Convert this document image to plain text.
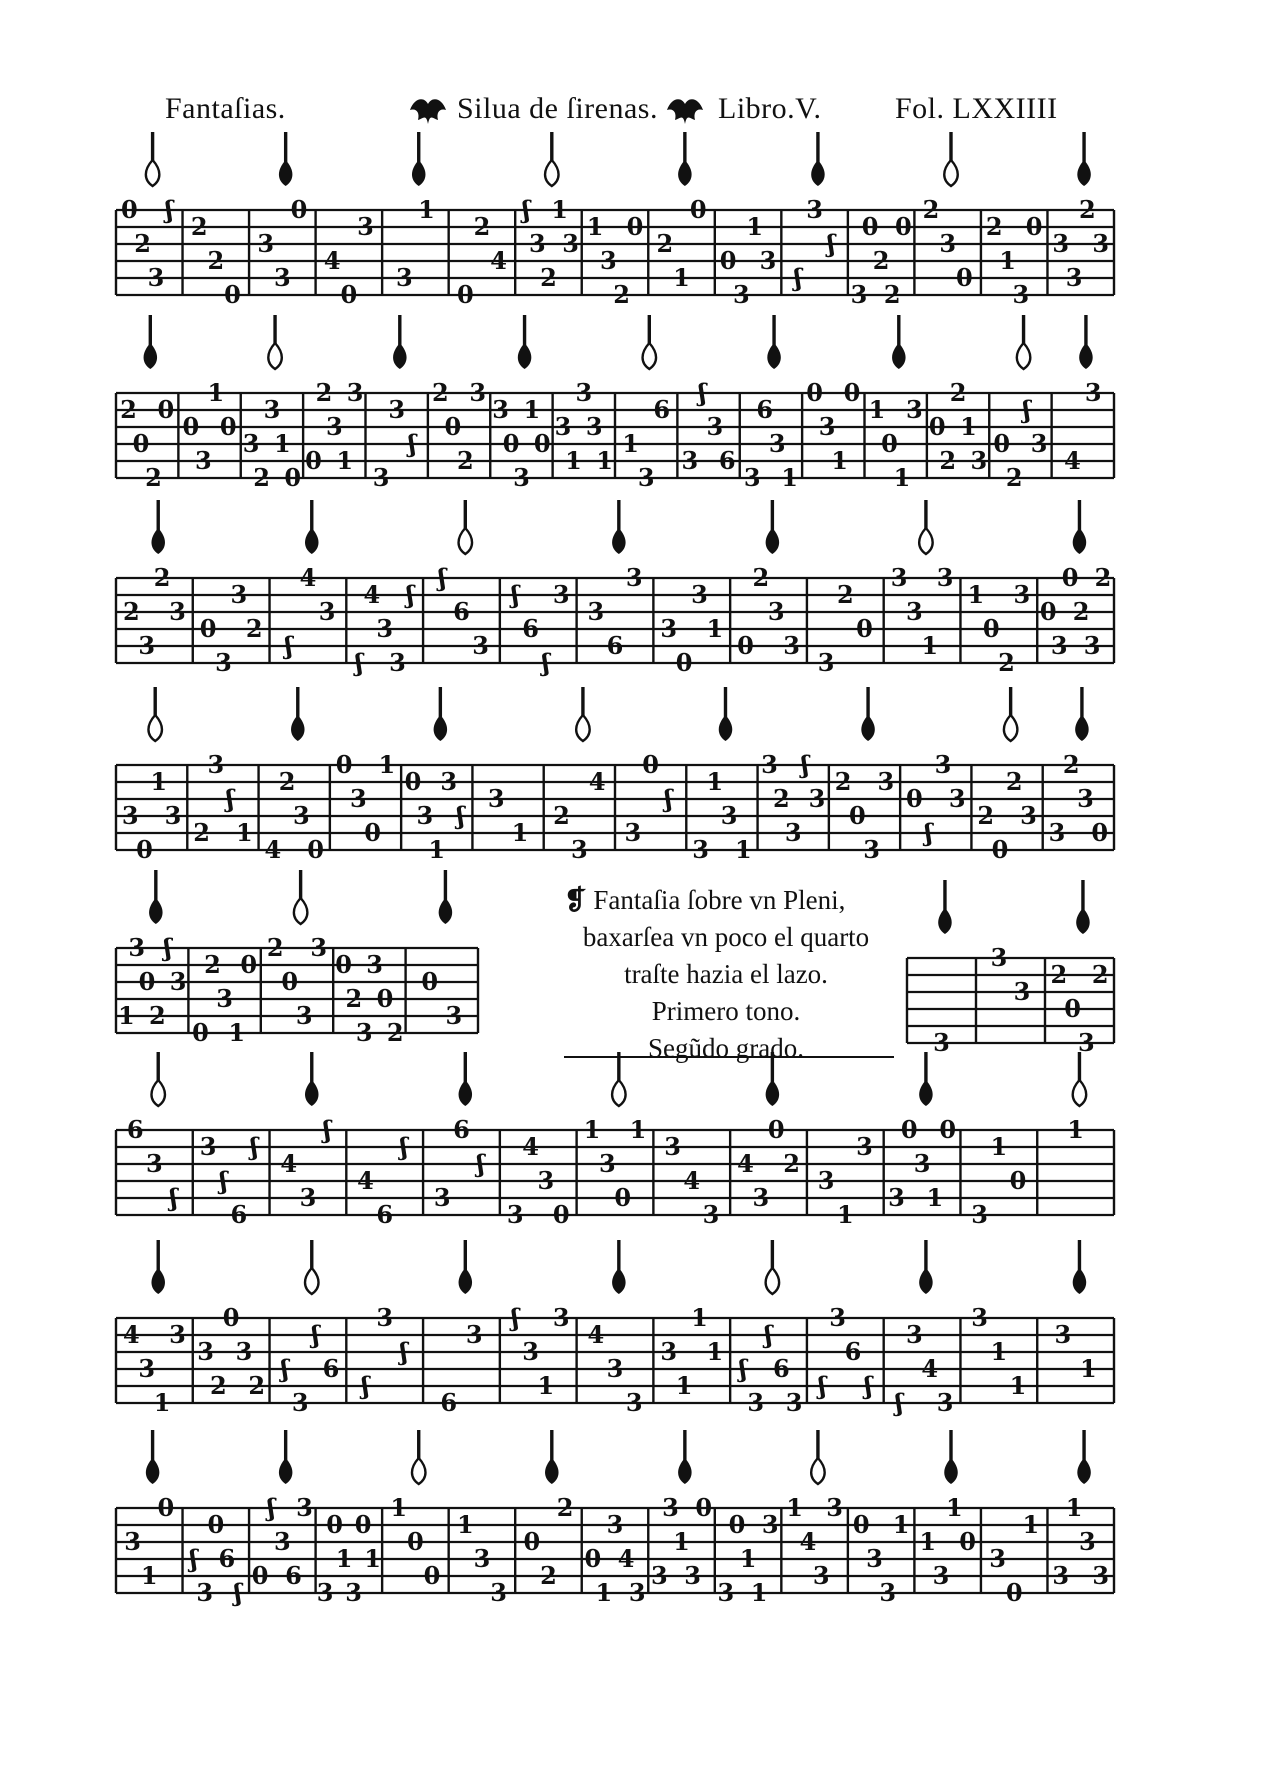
Fantaſias.	Silua de ſirenas. Libro.V. Fol. LXXIIII
0
2
3
ʃ
2
2
0
3
3
0
4
0
3
3
1
0
2
4
ʃ
3
2
1
3
1
3
2
0
2
1
0
0
3
1
3
ʃ
3
ʃ
3
0
2
2
0
2
3
0
2
1
3
0
3
3
2
3
2
0
2
0
0
3
1
0
3
2
3
1
0
0
2
3
1
3
3
3
ʃ
2
0
2
3
3
0
3
1
0
3
1
3
3
1
1
3
6
3
ʃ
3
6
3
6
3
1
0
3
1
0
1
0
1
3
0
2
2
1
3
0
2
ʃ
3
4
3
2
3
2
3
0
3
3
2
ʃ
4
3
ʃ
4
3
3
ʃ
ʃ
6
3
ʃ
6
ʃ
3
3
6
3
3
0
3
1
0
2
3
3
3
2
0
3
3
1
3
1
0
2
3
0
3
0
2
3
2
3
0
1
3
2
3
ʃ
1
4
2
3
0
0
3
0
1
0
3
1
3
ʃ
3
1
2
3
4
3
0
ʃ
3
1
3
1
3
2
3
ʃ
3
2
0
3
3
0
ʃ
3
3
2
0
2
3
3
2
3
0
1
3
0
2
ʃ
3
0
2
3
1
0
2
0
3
3
0
2
3
3
0
2
0
3
3
3
3
2
0
3
2
6
3
ʃ
3
ʃ
6
ʃ
4
3
ʃ
4
6
ʃ
3
6
ʃ
3
4
3
0
1
3
0
1
3
4
3
4
3
0
2
3
1
3
3
0
3
1
0
3
1
0
1
4
3
1
3
3
2
0
3
2
ʃ
3
ʃ
6
ʃ
3
ʃ
6
3
ʃ
3
1
3
4
3
3
3
1
1
1
ʃ
3
ʃ
6
3
ʃ
3
6
ʃ
ʃ
3
4
3
3
1
1
3
1
3
1
0
ʃ
3
0
6
ʃ
0
ʃ
3
6
3
3
0
1
3
0
1
1
0
0
1
3
3
0
2
2
0
1
3
4
3
3
3
1
3
0
3
0
1
1
3
1
4
3
3
0
3
3
1
1
3
1
0
3
0
1
3
1
3
3
❡ Fantaſia ſobre vn Pleni,
baxarſea vn poco el quarto
traſte hazia el lazo.
Primero tono.
Segũdo grado.
